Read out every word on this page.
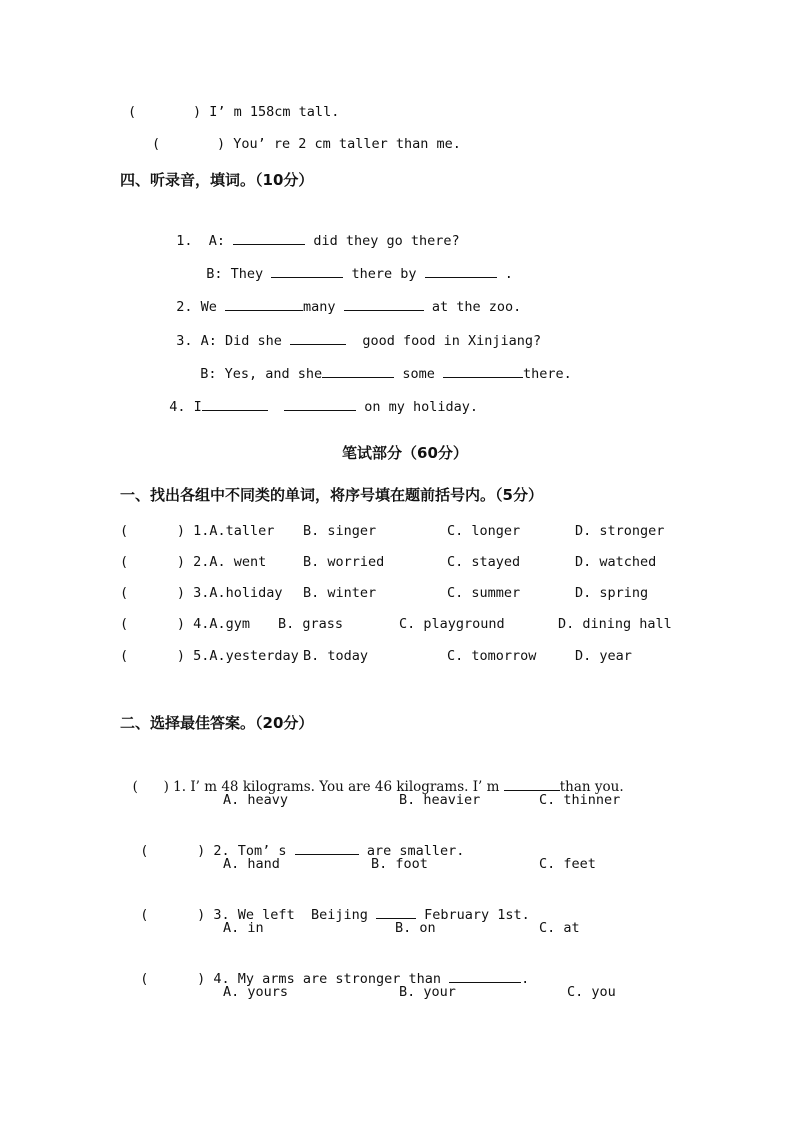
(       ) I’ m 158cm tall.
(       ) You’ re 2 cm taller than me.
四、听录音，填词。（10分）

1. A:	did they go there?

B: They	there by	.

2. We	many	at the zoo.

3. A: Did she	good food in Xinjiang?

B: Yes, and she	some	there.

4. I	on my holiday.

笔试部分（60分）
一、找出各组中不同类的单词，将序号填在题前括号内。（5分）
(      ) 1.A.taller B. singer	C. longer	D. stronger
(      ) 2.A. went	B. worried	C. stayed	D. watched
(      ) 3.A.holiday B. winter	C. summer	D. spring
(      ) 4.A.gym B. grass	C. playground	D. dining hall
(      ) 5.A.yesterday B. today	C. tomorrow	D. year
二、选择最佳答案。（20分）

(      ) 1. I’ m 48 kilograms. You are 46 kilograms. I’ m	than you.

A. heavy	B. heavier	C. thinner

(      ) 2. Tom’ s	are smaller.

A. hand	B. foot	C. feet

(      ) 3. We left  Beijing	February 1st.

A. in	B. on	C. at

(      ) 4. My arms are stronger than	.

A. yours	B. your	C. you
